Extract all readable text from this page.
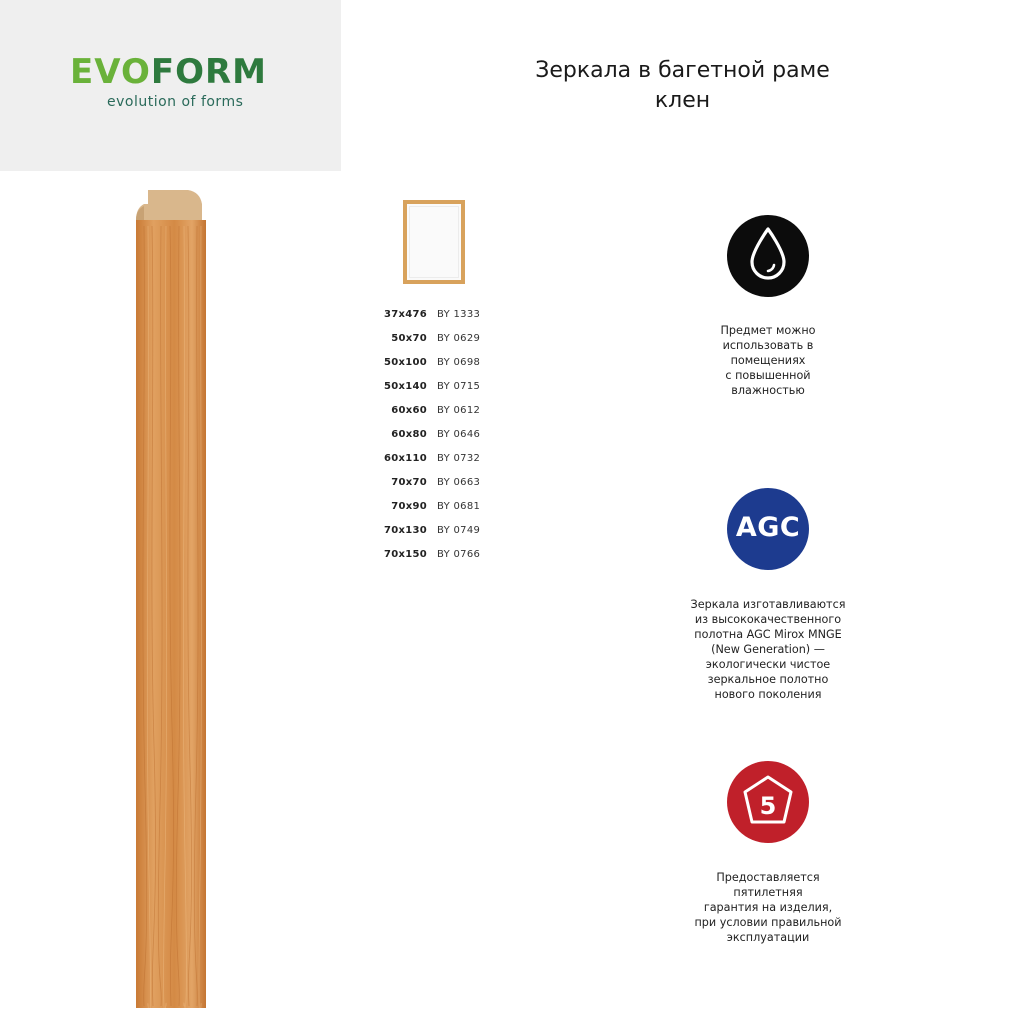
EVOFORM
evolution of forms
Зеркала в багетной раме
клен
37x476 BY 1333
50x70 BY 0629
50x100 BY 0698
50x140 BY 0715
60x60 BY 0612
60x80 BY 0646
60x110 BY 0732
70x70 BY 0663
70x90 BY 0681
70x130 BY 0749
70x150 BY 0766
Предмет можно
использовать в
помещениях
с повышенной
влажностью
AGC
Зеркала изготавливаются
из высококачественного
полотна AGC Mirox MNGE
(New Generation) —
экологически чистое
зеркальное полотно
нового поколения
5
Предоставляется
пятилетняя
гарантия на изделия,
при условии правильной
эксплуатации
